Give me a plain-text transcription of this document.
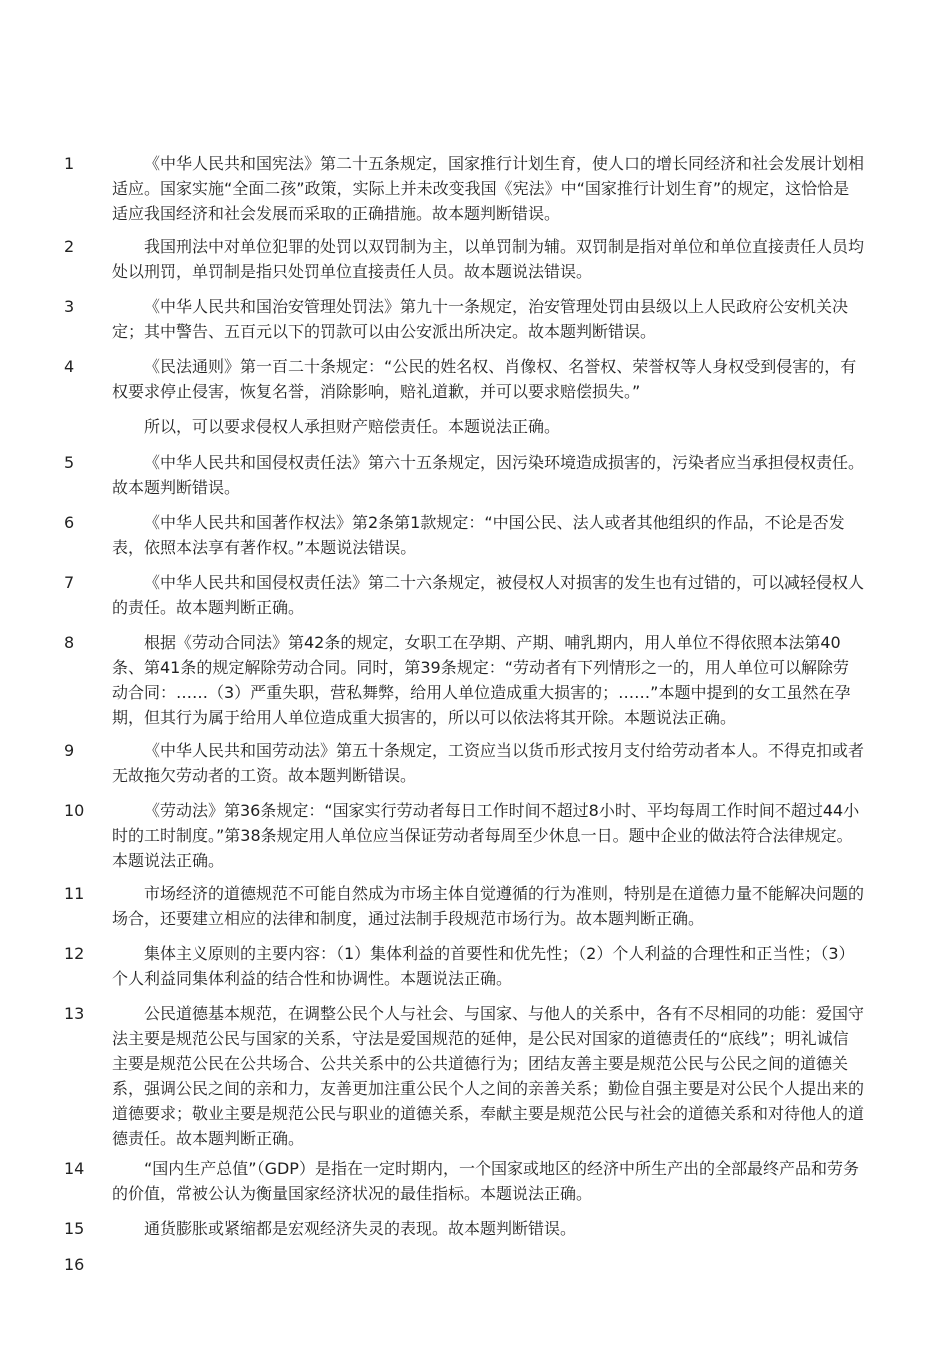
1	《中华人民共和国宪法》第二十五条规定，国家推行计划生育，使人口的增长同经济和社会发展计划相适应。国家实施“全面二孩”政策，实际上并未改变我国《宪法》中“国家推行计划生育”的规定，这恰恰是适应我国经济和社会发展而采取的正确措施。故本题判断错误。
2	我国刑法中对单位犯罪的处罚以双罚制为主，以单罚制为辅。双罚制是指对单位和单位直接责任人员均处以刑罚，单罚制是指只处罚单位直接责任人员。故本题说法错误。
3	《中华人民共和国治安管理处罚法》第九十一条规定，治安管理处罚由县级以上人民政府公安机关决定；其中警告、五百元以下的罚款可以由公安派出所决定。故本题判断错误。
4	《民法通则》第一百二十条规定：“公民的姓名权、肖像权、名誉权、荣誉权等人身权受到侵害的，有权要求停止侵害，恢复名誉，消除影响，赔礼道歉，并可以要求赔偿损失。”
所以，可以要求侵权人承担财产赔偿责任。本题说法正确。
5	《中华人民共和国侵权责任法》第六十五条规定，因污染环境造成损害的，污染者应当承担侵权责任。故本题判断错误。
6	《中华人民共和国著作权法》第2条第1款规定：“中国公民、法人或者其他组织的作品，不论是否发表，依照本法享有著作权。”本题说法错误。
7	《中华人民共和国侵权责任法》第二十六条规定，被侵权人对损害的发生也有过错的，可以减轻侵权人的责任。故本题判断正确。
8	根据《劳动合同法》第42条的规定，女职工在孕期、产期、哺乳期内，用人单位不得依照本法第40条、第41条的规定解除劳动合同。同时，第39条规定：“劳动者有下列情形之一的，用人单位可以解除劳动合同：……（3）严重失职，营私舞弊，给用人单位造成重大损害的；……”本题中提到的女工虽然在孕期，但其行为属于给用人单位造成重大损害的，所以可以依法将其开除。本题说法正确。
9	《中华人民共和国劳动法》第五十条规定，工资应当以货币形式按月支付给劳动者本人。不得克扣或者无故拖欠劳动者的工资。故本题判断错误。
10	《劳动法》第36条规定：“国家实行劳动者每日工作时间不超过8小时、平均每周工作时间不超过44小时的工时制度。”第38条规定用人单位应当保证劳动者每周至少休息一日。题中企业的做法符合法律规定。本题说法正确。
11	市场经济的道德规范不可能自然成为市场主体自觉遵循的行为准则，特别是在道德力量不能解决问题的场合，还要建立相应的法律和制度，通过法制手段规范市场行为。故本题判断正确。
12	集体主义原则的主要内容：（1）集体利益的首要性和优先性；（2）个人利益的合理性和正当性；（3）个人利益同集体利益的结合性和协调性。本题说法正确。
13	公民道德基本规范，在调整公民个人与社会、与国家、与他人的关系中，各有不尽相同的功能：爱国守法主要是规范公民与国家的关系，守法是爱国规范的延伸，是公民对国家的道德责任的“底线”；明礼诚信主要是规范公民在公共场合、公共关系中的公共道德行为；团结友善主要是规范公民与公民之间的道德关系，强调公民之间的亲和力，友善更加注重公民个人之间的亲善关系；勤俭自强主要是对公民个人提出来的道德要求；敬业主要是规范公民与职业的道德关系，奉献主要是规范公民与社会的道德关系和对待他人的道德责任。故本题判断正确。
14	“国内生产总值”（GDP）是指在一定时期内，一个国家或地区的经济中所生产出的全部最终产品和劳务的价值，常被公认为衡量国家经济状况的最佳指标。本题说法正确。
15	通货膨胀或紧缩都是宏观经济失灵的表现。故本题判断错误。
16
